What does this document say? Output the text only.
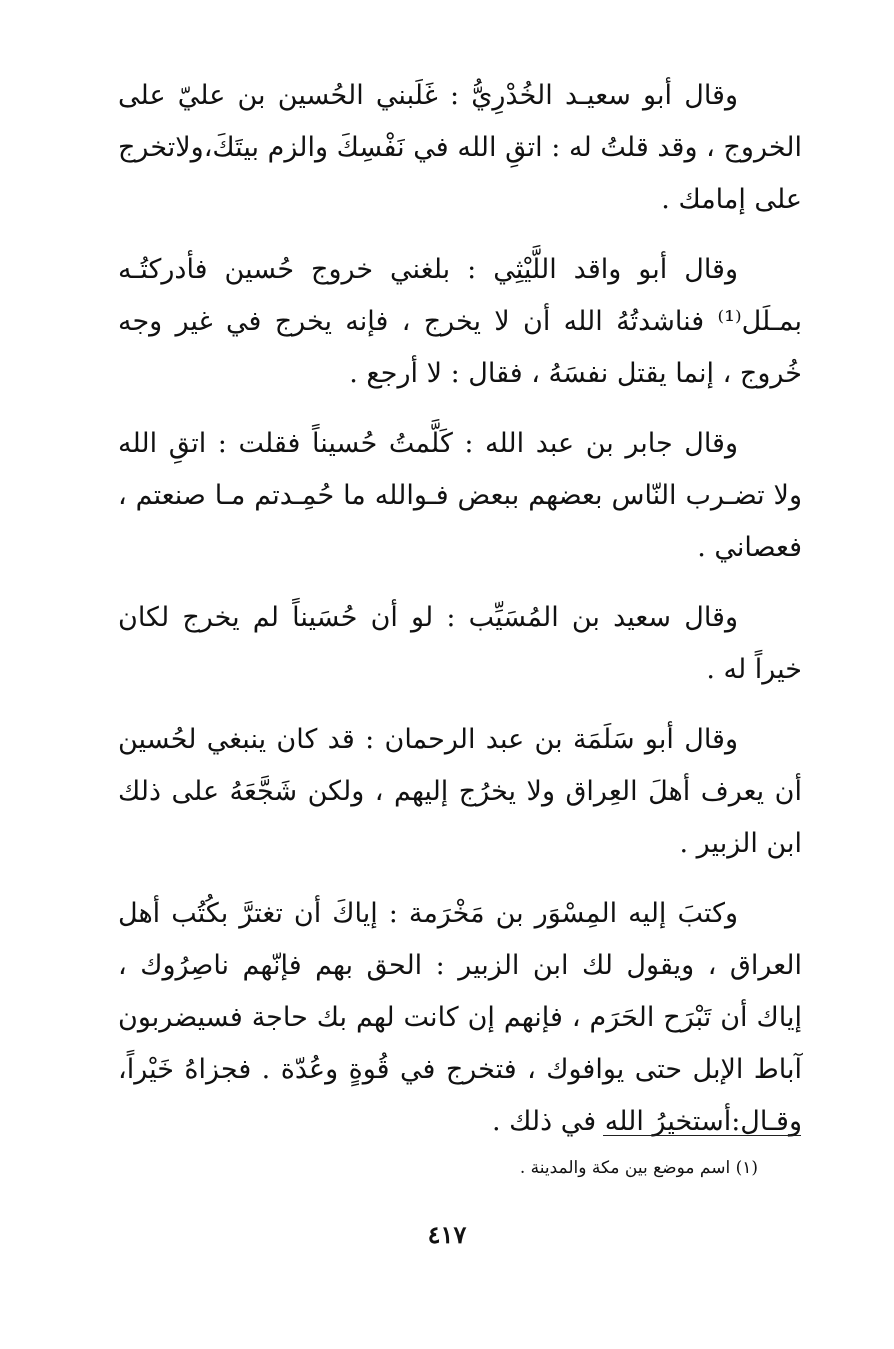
وقال أبو سعيـد الخُدْرِيُّ : غَلَبني الحُسين بن عليّ على الخروج ، وقد قلتُ له : اتقِ الله في نَفْسِكَ والزم بيتَكَ،ولاتخرج على إمامك .

وقال أبو واقد اللَّيْثِي : بلغني خروج حُسين فأدركتُـه بمـلَل⁽¹⁾ فناشدتُهُ الله أن لا يخرج ، فإنه يخرج في غير وجه خُروج ، إنما يقتل نفسَهُ ، فقال : لا أرجع .

وقال جابر بن عبد الله : كَلَّمتُ حُسيناً فقلت : اتقِ الله ولا تضـرب النّاس بعضهم ببعض فـوالله ما حُمِـدتم مـا صنعتم ، فعصاني .

وقال سعيد بن المُسَيِّب : لو أن حُسَيناً لم يخرج لكان خيراً له .

وقال أبو سَلَمَة بن عبد الرحمان : قد كان ينبغي لحُسين أن يعرف أهلَ العِراق ولا يخرُج إليهم ، ولكن شَجَّعَهُ على ذلك ابن الزبير .

وكتبَ إليه المِسْوَر بن مَخْرَمة : إياكَ أن تغترَّ بكُتُب أهل العراق ، ويقول لك ابن الزبير : الحق بهم فإنّهم ناصِرُوك ، إياك أن تَبْرَح الحَرَم ، فإنهم إن كانت لهم بك حاجة فسيضربون آباط الإبل حتى يوافوك ، فتخرج في قُوةٍ وعُدّة . فجزاهُ خَيْراً، وقـال:أستخيرُ الله في ذلك .

(١) اسم موضع بين مكة والمدينة .
٤١٧
